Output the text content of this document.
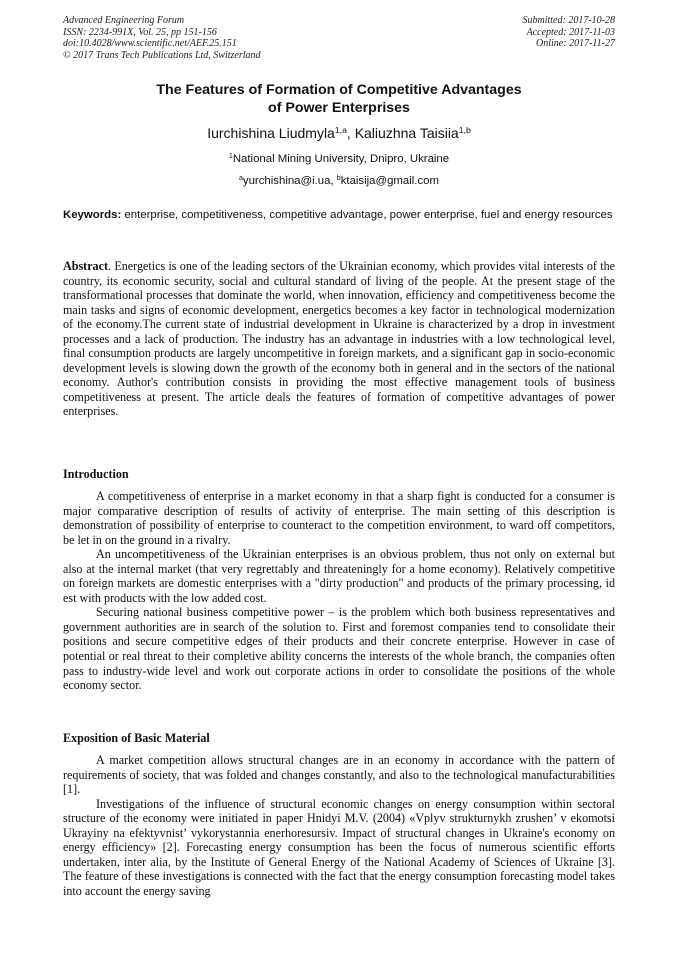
Advanced Engineering Forum
ISSN: 2234-991X, Vol. 25, pp 151-156
doi:10.4028/www.scientific.net/AEF.25.151
© 2017 Trans Tech Publications Ltd, Switzerland
Submitted: 2017-10-28
Accepted: 2017-11-03
Online: 2017-11-27
The Features of Formation of Competitive Advantages
of Power Enterprises
Iurchishina Liudmyla$^{1,a}$, Kaliuzhna Taisiia$^{1,b}$
$^1$National Mining University, Dnipro, Ukraine
$^a$yurchishina@i.ua, $^b$ktaisija@gmail.com
Keywords: enterprise, competitiveness, competitive advantage, power enterprise, fuel and energy resources

Abstract. Energetics is one of the leading sectors of the Ukrainian economy, which provides vital interests of the country, its economic security, social and cultural standard of living of the people. At the present stage of the transformational processes that dominate the world, when innovation, efficiency and competitiveness become the main tasks and signs of economic development, energetics becomes a key factor in technological modernization of the economy.The current state of industrial development in Ukraine is characterized by a drop in investment processes and a lack of production. The industry has an advantage in industries with a low technological level, final consumption products are largely uncompetitive in foreign markets, and a significant gap in socio-economic development levels is slowing down the growth of the economy both in general and in the sectors of the national economy. Author's contribution consists in providing the most effective management tools of business competitiveness at present. The article deals the features of formation of competitive advantages of power enterprises.

Introduction

A competitiveness of enterprise in a market economy in that a sharp fight is conducted for a consumer is major comparative description of results of activity of enterprise. The main setting of this description is demonstration of possibility of enterprise to counteract to the competition environment, to ward off competitors, be let in on the ground in a rivalry.

An uncompetitiveness of the Ukrainian enterprises is an obvious problem, thus not only on external but also at the internal market (that very regrettably and threateningly for a home economy). Relatively competitive on foreign markets are domestic enterprises with a "dirty production" and products of the primary processing, id est with products with the low added cost.

Securing national business competitive power – is the problem which both business representatives and government authorities are in search of the solution to. First and foremost companies tend to consolidate their positions and secure competitive edges of their products and their concrete enterprise. However in case of potential or real threat to their completive ability concerns the interests of the whole branch, the companies often pass to industry-wide level and work out corporate actions in order to consolidate the positions of the whole economy sector.

Exposition of Basic Material

A market competition allows structural changes are in an economy in accordance with the pattern of requirements of society, that was folded and changes constantly, and also to the technological manufacturabilities [1].

Investigations of the influence of structural economic changes on energy consumption within sectoral structure of the economy were initiated in paper Hnidyi M.V. (2004) «Vplyv strukturnykh zrushen’ v ekomotsi Ukrayiny na efektyvnist’ vykorystannia enerhoresursiv. Impact of structural changes in Ukraine's economy on energy efficiency» [2]. Forecasting energy consumption has been the focus of numerous scientific efforts undertaken, inter alia, by the Institute of General Energy of the National Academy of Sciences of Ukraine [3]. The feature of these investigations is connected with the fact that the energy consumption forecasting model takes into account the energy saving
